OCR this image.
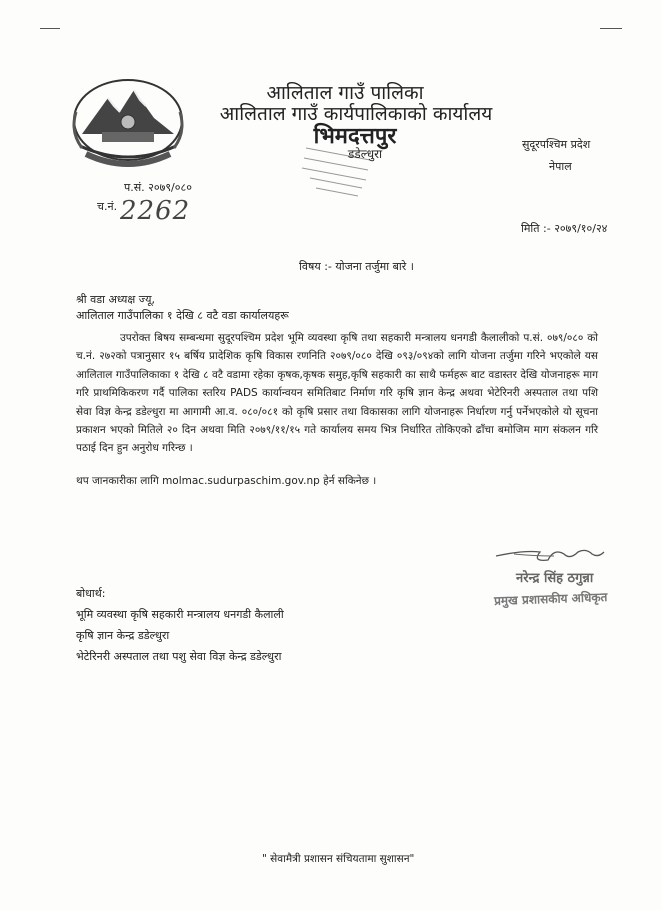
आलिताल गाउँ पालिका
आलिताल गाउँ कार्यपालिकाको कार्यालय
भिमदत्तपुर
डडेल्धुरा
सुदूरपश्चिम प्रदेश
नेपाल
प.सं. २०७९/०८०
च.नं. 2262
मिति :- २०७९/१०/२४
विषय :- योजना तर्जुमा बारे ।
श्री वडा अध्यक्ष ज्यू,
आलिताल गाउँपालिका १ देखि ८ वटै वडा कार्यालयहरू
उपरोक्त बिषय सम्बन्धमा सुदूरपश्चिम प्रदेश भूमि व्यवस्था कृषि तथा सहकारी मन्त्रालय धनगडी कैलालीको प.सं. ०७९/०८० को च.नं. २७२को पत्रानुसार १५ बर्षिय प्रादेशिक कृषि विकास रणनिति २०७९/०८० देखि ०९३/०९४को लागि योजना तर्जुमा गरिने भएकोले यस आलिताल गाउँपालिकाका १ देखि ८ वटै वडामा रहेका कृषक,कृषक समुह,कृषि सहकारी का साथै फर्महरू बाट वडास्तर देखि योजनाहरू माग गरि प्राथमिकिकरण गर्दै पालिका स्तरिय PADS कार्यान्वयन समितिबाट निर्माण गरि कृषि ज्ञान केन्द्र अथवा भेटेरिनरी अस्पताल तथा पशि सेवा विज्ञ केन्द्र डडेल्धुरा मा आगामी आ.व. ०८०/०८१ को कृषि प्रसार तथा विकासका लागि योजनाहरू निर्धारण गर्नु पर्नेभएकोले यो सूचना प्रकाशन भएको मितिले २० दिन अथवा मिति २०७९/११/१५ गते कार्यालय समय भित्र निर्धारित तोकिएको ढाँचा बमोजिम माग संकलन गरि पठाई दिन हुन अनुरोध गरिन्छ ।
थप जानकारीका लागि molmac.sudurpaschim.gov.np हेर्न सकिनेछ ।
नरेन्द्र सिंह ठगुन्ना
प्रमुख प्रशासकीय अधिकृत
बोधार्थ:
भूमि व्यवस्था कृषि सहकारी मन्त्रालय धनगडी कैलाली
कृषि ज्ञान केन्द्र डडेल्धुरा
भेटेरिनरी अस्पताल तथा पशु सेवा विज्ञ केन्द्र डडेल्धुरा
" सेवामैत्री प्रशासन संचियतामा सुशासन"
